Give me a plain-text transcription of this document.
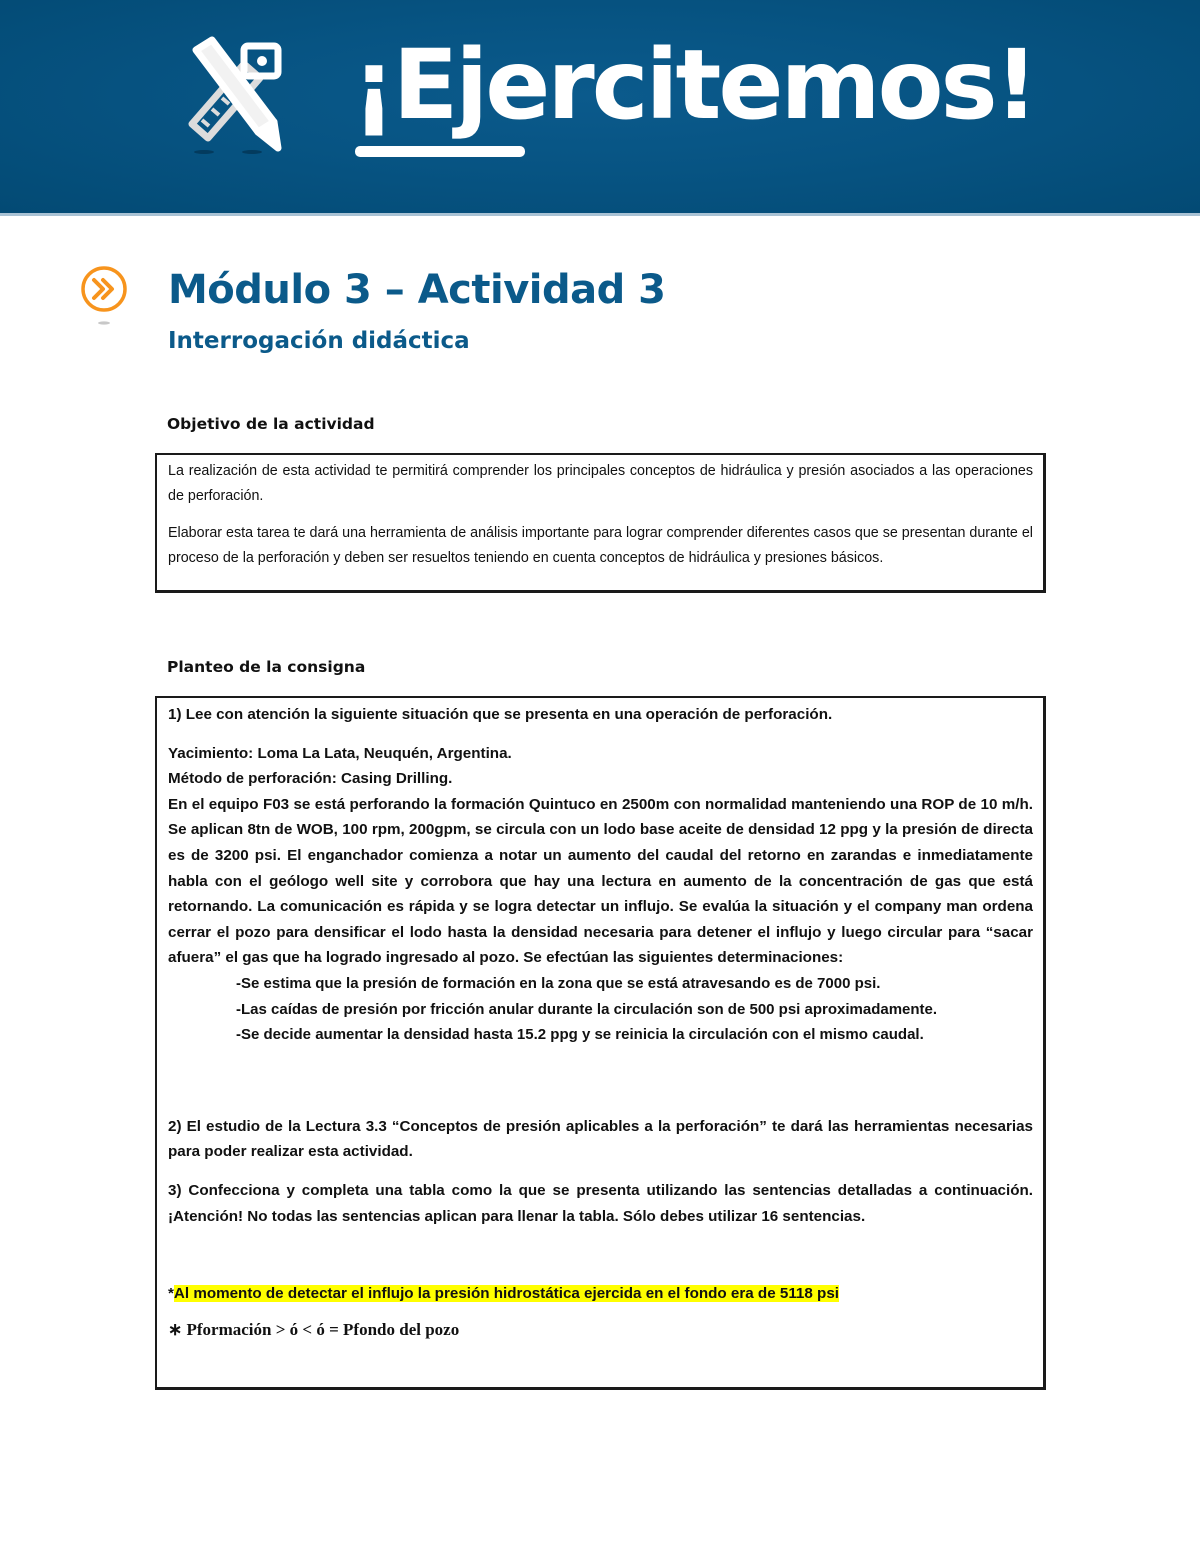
¡Ejercitemos!
Módulo 3 – Actividad 3
Interrogación didáctica
Objetivo de la actividad

La realización de esta actividad te permitirá comprender los principales conceptos de hidráulica y presión asociados a las operaciones de perforación.

Elaborar esta tarea te dará una herramienta de análisis importante para lograr comprender diferentes casos que se presentan durante el proceso de la perforación y deben ser resueltos teniendo en cuenta conceptos de hidráulica y presiones básicos.

Planteo de la consigna
1) Lee con atención la siguiente situación que se presenta en una operación de perforación.
Yacimiento: Loma La Lata, Neuquén, Argentina.
Método de perforación: Casing Drilling.
En el equipo F03 se está perforando la formación Quintuco en 2500m con normalidad manteniendo una ROP de 10 m/h. Se aplican 8tn de WOB, 100 rpm, 200gpm, se circula con un lodo base aceite de densidad 12 ppg y la presión de directa es de 3200 psi. El enganchador comienza a notar un aumento del caudal del retorno en zarandas e inmediatamente habla con el geólogo well site y corrobora que hay una lectura en aumento de la concentración de gas que está retornando. La comunicación es rápida y se logra detectar un influjo. Se evalúa la situación y el company man ordena cerrar el pozo para densificar el lodo hasta la densidad necesaria para detener el influjo y luego circular para “sacar afuera” el gas que ha logrado ingresado al pozo. Se efectúan las siguientes determinaciones:
-Se estima que la presión de formación en la zona que se está atravesando es de 7000 psi.
-Las caídas de presión por fricción anular durante la circulación son de 500 psi aproximadamente.
-Se decide aumentar la densidad hasta 15.2 ppg y se reinicia la circulación con el mismo caudal.
2) El estudio de la Lectura 3.3 “Conceptos de presión aplicables a la perforación” te dará las herramientas necesarias para poder realizar esta actividad.
3) Confecciona y completa una tabla como la que se presenta utilizando las sentencias detalladas a continuación. ¡Atención! No todas las sentencias aplican para llenar la tabla. Sólo debes utilizar 16 sentencias.
*Al momento de detectar el influjo la presión hidrostática ejercida en el fondo era de 5118 psi
∗ Pformación > ó < ó = Pfondo del pozo
